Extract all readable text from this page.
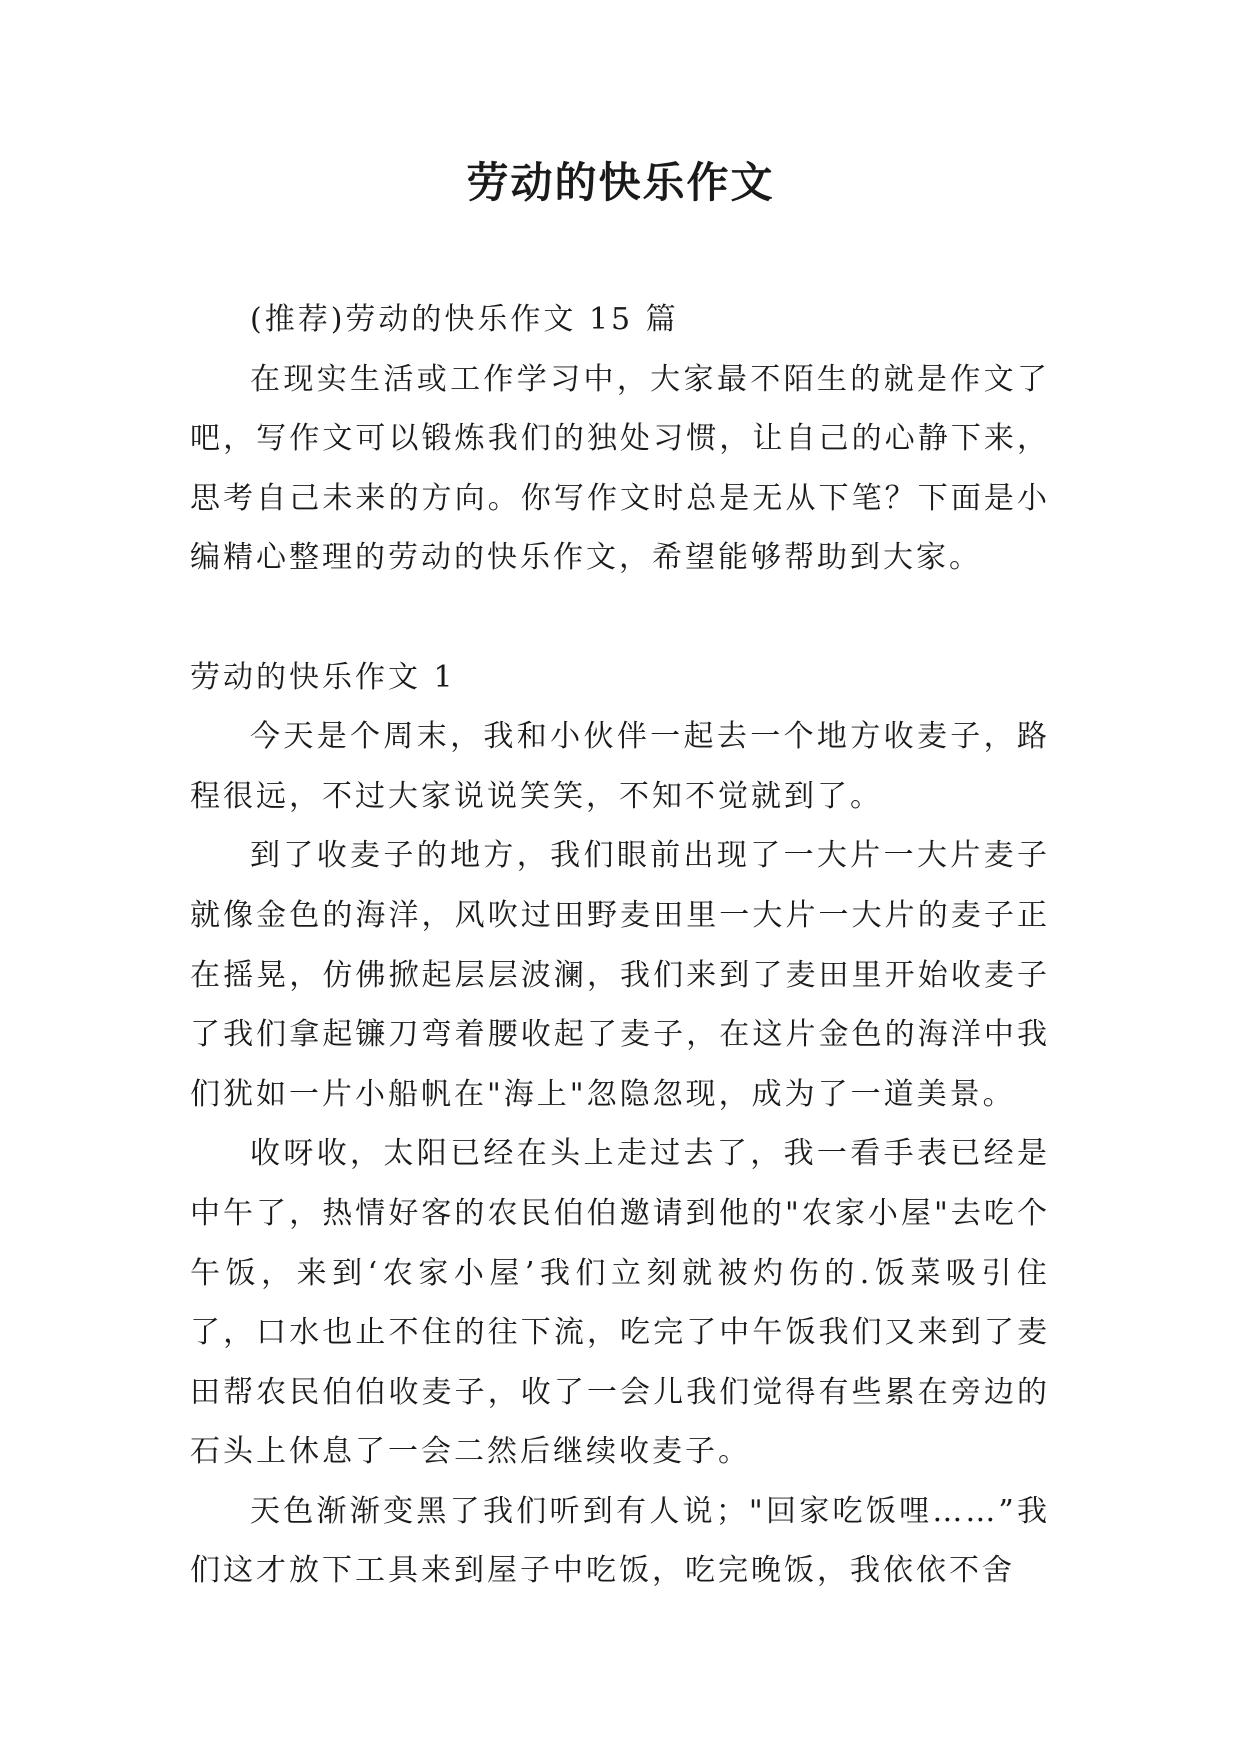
劳动的快乐作文

(推荐)劳动的快乐作文 15 篇

在现实生活或工作学习中，大家最不陌生的就是作文了吧，写作文可以锻炼我们的独处习惯，让自己的心静下来，思考自己未来的方向。你写作文时总是无从下笔？下面是小编精心整理的劳动的快乐作文，希望能够帮助到大家。

劳动的快乐作文 1

今天是个周末，我和小伙伴一起去一个地方收麦子，路程很远，不过大家说说笑笑，不知不觉就到了。

到了收麦子的地方，我们眼前出现了一大片一大片麦子就像金色的海洋，风吹过田野麦田里一大片一大片的麦子正在摇晃，仿佛掀起层层波澜，我们来到了麦田里开始收麦子了我们拿起镰刀弯着腰收起了麦子，在这片金色的海洋中我们犹如一片小船帆在"海上"忽隐忽现，成为了一道美景。

收呀收，太阳已经在头上走过去了，我一看手表已经是中午了，热情好客的农民伯伯邀请到他的"农家小屋"去吃个午饭，来到‘农家小屋’我们立刻就被灼伤的.饭菜吸引住了，口水也止不住的往下流，吃完了中午饭我们又来到了麦田帮农民伯伯收麦子，收了一会儿我们觉得有些累在旁边的石头上休息了一会二然后继续收麦子。

天色渐渐变黑了我们听到有人说；"回家吃饭哩……”我们这才放下工具来到屋子中吃饭，吃完晚饭，我依依不舍
